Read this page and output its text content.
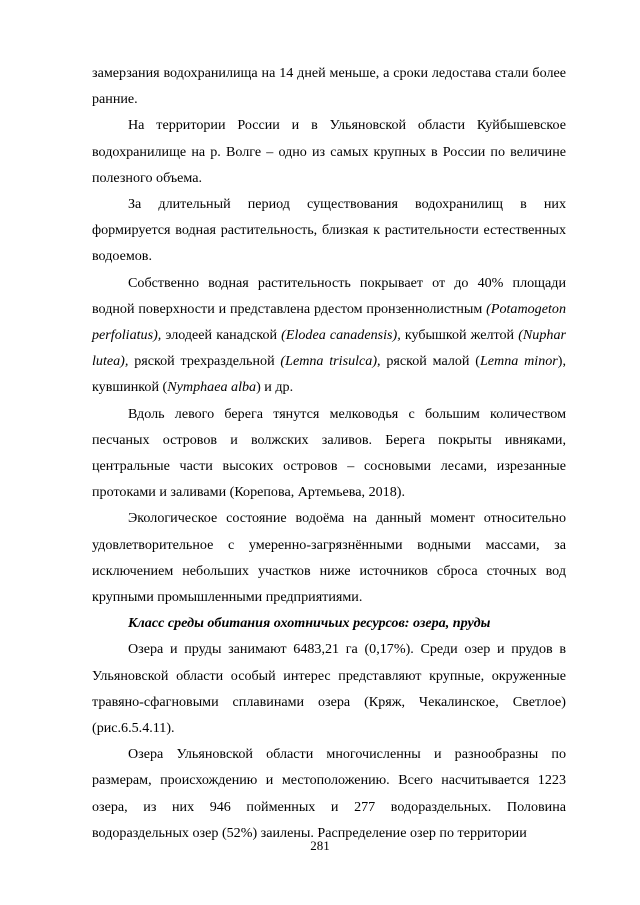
замерзания водохранилища на 14 дней меньше, а сроки ледостава стали более ранние.

На территории России и в Ульяновской области Куйбышевское водохранилище на р. Волге – одно из самых крупных в России по величине полезного объема.

За длительный период существования водохранилищ в них формируется водная растительность, близкая к растительности естественных водоемов.

Собственно водная растительность покрывает от до 40% площади водной поверхности и представлена рдестом пронзеннолистным (Potamogeton perfoliatus), элодеей канадской (Elodea canadensis), кубышкой желтой (Nuphar lutea), ряской трехраздельной (Lemna trisulca), ряской малой (Lemna minor), кувшинкой (Nymphaea alba) и др.

Вдоль левого берега тянутся мелководья с большим количеством песчаных островов и волжских заливов. Берега покрыты ивняками, центральные части высоких островов – сосновыми лесами, изрезанные протоками и заливами (Корепова, Артемьева, 2018).

Экологическое состояние водоёма на данный момент относительно удовлетворительное с умеренно-загрязнёнными водными массами, за исключением небольших участков ниже источников сброса сточных вод крупными промышленными предприятиями.

Класс среды обитания охотничьих ресурсов: озера, пруды

Озера и пруды занимают 6483,21 га (0,17%). Среди озер и прудов в Ульяновской области особый интерес представляют крупные, окруженные травяно-сфагновыми сплавинами озера (Кряж, Чекалинское, Светлое) (рис.6.5.4.11).

Озера Ульяновской области многочисленны и разнообразны по размерам, происхождению и местоположению. Всего насчитывается 1223 озера, из них 946 пойменных и 277 водораздельных. Половина водораздельных озер (52%) заилены. Распределение озер по территории

281
